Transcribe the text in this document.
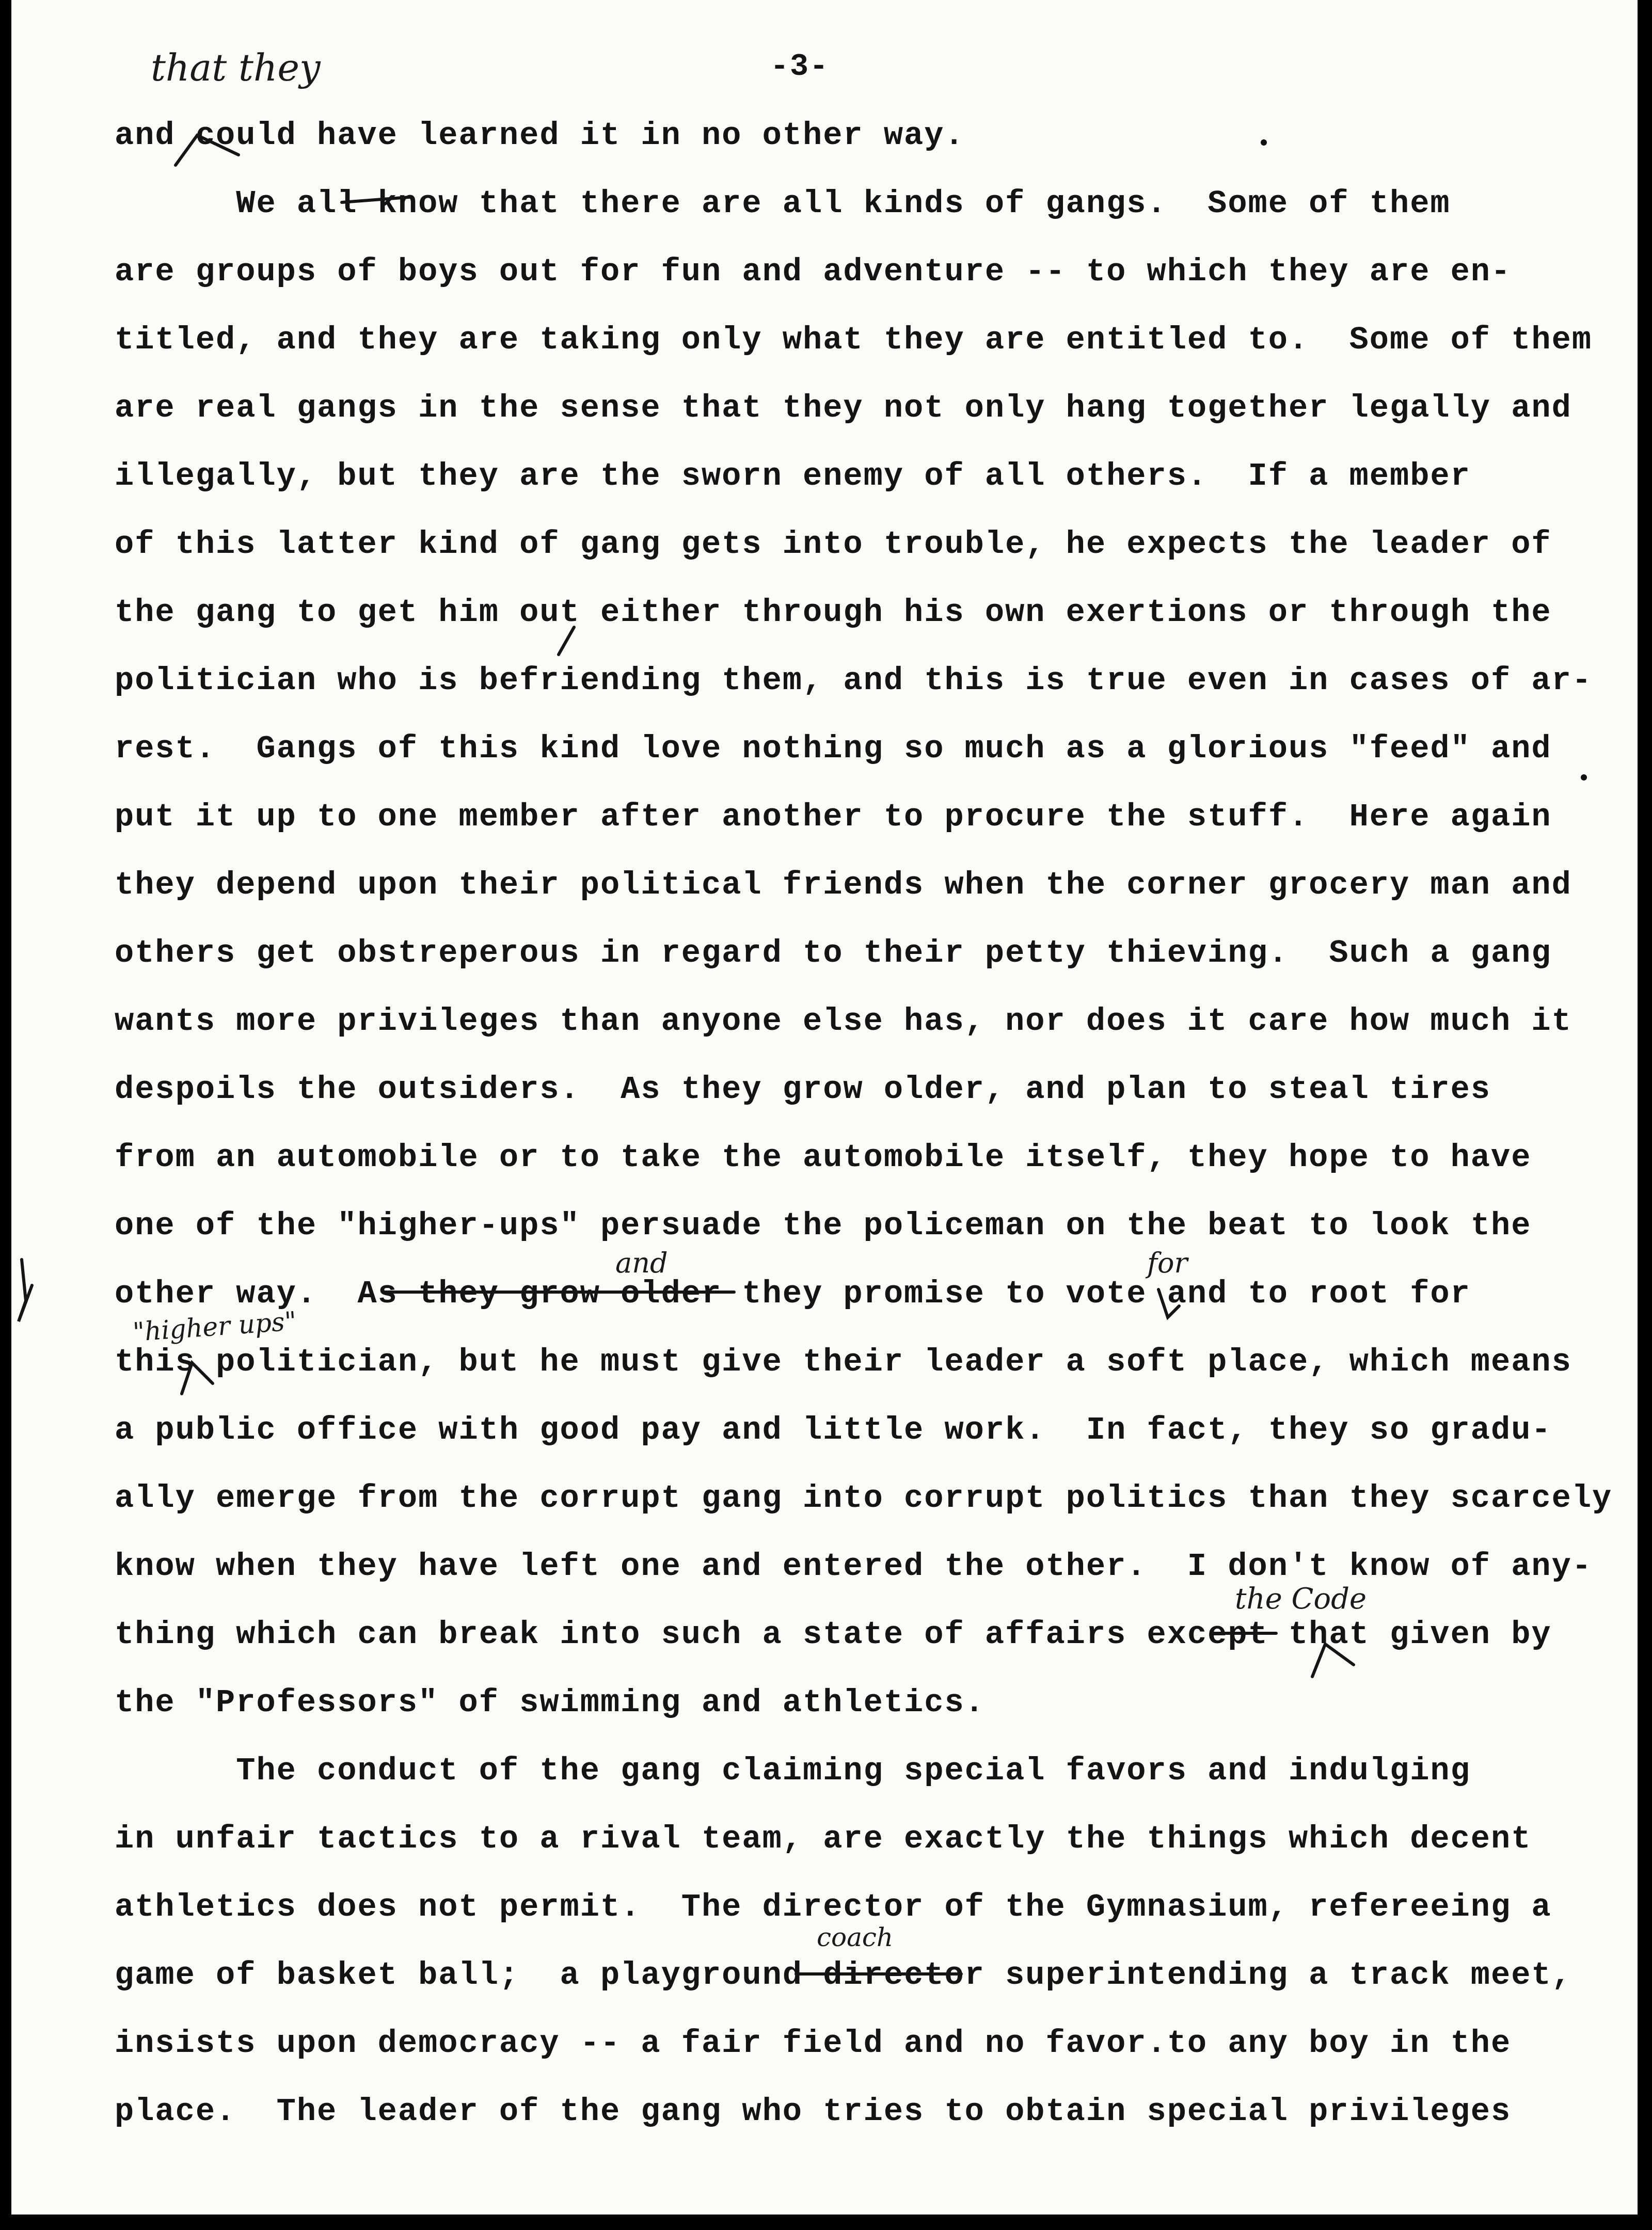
-3-
and could have learned it in no other way.
We all know that there are all kinds of gangs.  Some of them
are groups of boys out for fun and adventure -- to which they are en-
titled, and they are taking only what they are entitled to.  Some of them
are real gangs in the sense that they not only hang together legally and
illegally, but they are the sworn enemy of all others.  If a member
of this latter kind of gang gets into trouble, he expects the leader of
the gang to get him out either through his own exertions or through the
politician who is befriending them, and this is true even in cases of ar-
rest.  Gangs of this kind love nothing so much as a glorious "feed" and
put it up to one member after another to procure the stuff.  Here again
they depend upon their political friends when the corner grocery man and
others get obstreperous in regard to their petty thieving.  Such a gang
wants more privileges than anyone else has, nor does it care how much it
despoils the outsiders.  As they grow older, and plan to steal tires
from an automobile or to take the automobile itself, they hope to have
one of the "higher-ups" persuade the policeman on the beat to look the
other way.  As they grow older they promise to vote and to root for
this politician, but he must give their leader a soft place, which means
a public office with good pay and little work.  In fact, they so gradu-
ally emerge from the corrupt gang into corrupt politics than they scarcely
know when they have left one and entered the other.  I don't know of any-
thing which can break into such a state of affairs except that given by
the "Professors" of swimming and athletics.
The conduct of the gang claiming special favors and indulging
in unfair tactics to a rival team, are exactly the things which decent
athletics does not permit.  The director of the Gymnasium, refereeing a
game of basket ball;  a playground director superintending a track meet,
insists upon democracy -- a fair field and no favor.to any boy in the
place.  The leader of the gang who tries to obtain special privileges
that they
and	for
"higher ups"
the Code
coach
